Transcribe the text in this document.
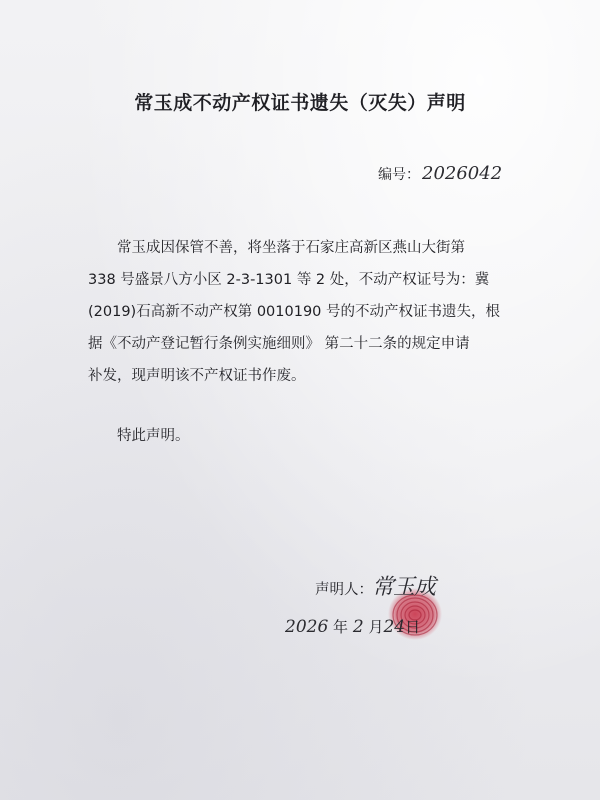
常玉成不动产权证书遗失（灭失）声明
编号： 2026042

常玉成因保管不善，将坐落于石家庄高新区燕山大街第
338 号盛景八方小区 2-3-1301 等 2 处，不动产权证号为：冀
(2019)石高新不动产权第 0010190 号的不动产权证书遗失，根
据《不动产登记暂行条例实施细则》 第二十二条的规定申请
补发，现声明该不产权证书作废。

特此声明。

声明人： 常玉成
2026 年 2 月24日
